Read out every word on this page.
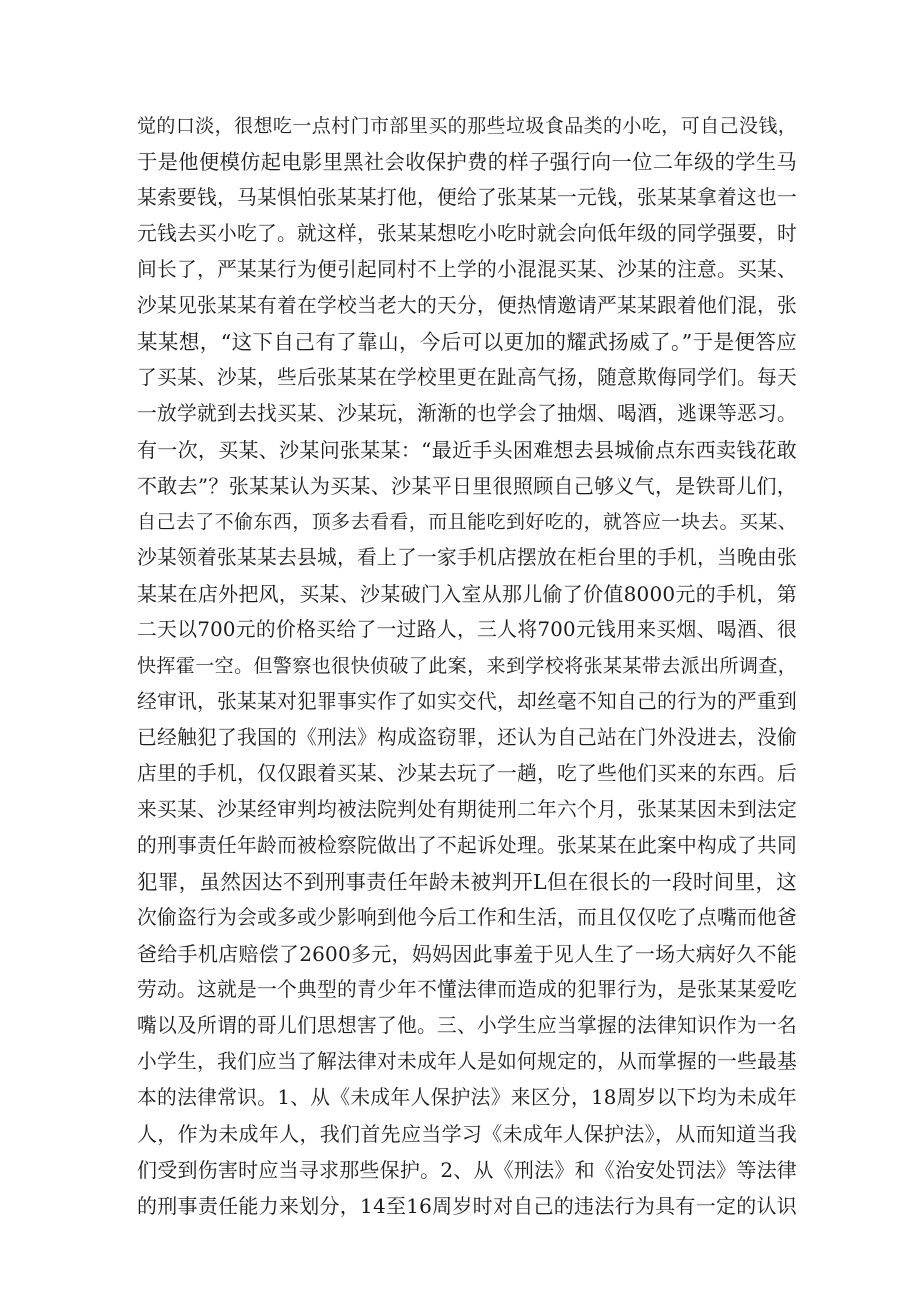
觉的口淡，很想吃一点村门市部里买的那些垃圾食品类的小吃，可自己没钱，
于是他便模仿起电影里黑社会收保护费的样子强行向一位二年级的学生马
某索要钱，马某惧怕张某某打他，便给了张某某一元钱，张某某拿着这也一
元钱去买小吃了。就这样，张某某想吃小吃时就会向低年级的同学强要，时
间长了，严某某行为便引起同村不上学的小混混买某、沙某的注意。买某、
沙某见张某某有着在学校当老大的天分，便热情邀请严某某跟着他们混，张
某某想，“这下自己有了靠山，今后可以更加的耀武扬威了。”于是便答应
了买某、沙某，些后张某某在学校里更在趾高气扬，随意欺侮同学们。每天
一放学就到去找买某、沙某玩，渐渐的也学会了抽烟、喝酒，逃课等恶习。
有一次，买某、沙某问张某某：“最近手头困难想去县城偷点东西卖钱花敢
不敢去”？张某某认为买某、沙某平日里很照顾自己够义气，是铁哥儿们，
自己去了不偷东西，顶多去看看，而且能吃到好吃的，就答应一块去。买某、
沙某领着张某某去县城，看上了一家手机店摆放在柜台里的手机，当晚由张
某某在店外把风，买某、沙某破门入室从那儿偷了价值8000元的手机，第
二天以700元的价格买给了一过路人，三人将700元钱用来买烟、喝酒、很
快挥霍一空。但警察也很快侦破了此案，来到学校将张某某带去派出所调查，
经审讯，张某某对犯罪事实作了如实交代，却丝毫不知自己的行为的严重到
已经触犯了我国的《刑法》构成盗窃罪，还认为自己站在门外没进去，没偷
店里的手机，仅仅跟着买某、沙某去玩了一趟，吃了些他们买来的东西。后
来买某、沙某经审判均被法院判处有期徒刑二年六个月，张某某因未到法定
的刑事责任年龄而被检察院做出了不起诉处理。张某某在此案中构成了共同
犯罪，虽然因达不到刑事责任年龄未被判开L但在很长的一段时间里，这
次偷盗行为会或多或少影响到他今后工作和生活，而且仅仅吃了点嘴而他爸
爸给手机店赔偿了2600多元，妈妈因此事羞于见人生了一场大病好久不能
劳动。这就是一个典型的青少年不懂法律而造成的犯罪行为，是张某某爱吃
嘴以及所谓的哥儿们思想害了他。三、小学生应当掌握的法律知识作为一名
小学生，我们应当了解法律对未成年人是如何规定的，从而掌握的一些最基
本的法律常识。1、从《未成年人保护法》来区分，18周岁以下均为未成年
人，作为未成年人，我们首先应当学习《未成年人保护法》，从而知道当我
们受到伤害时应当寻求那些保护。2、从《刑法》和《治安处罚法》等法律
的刑事责任能力来划分，14至16周岁时对自己的违法行为具有一定的认识
